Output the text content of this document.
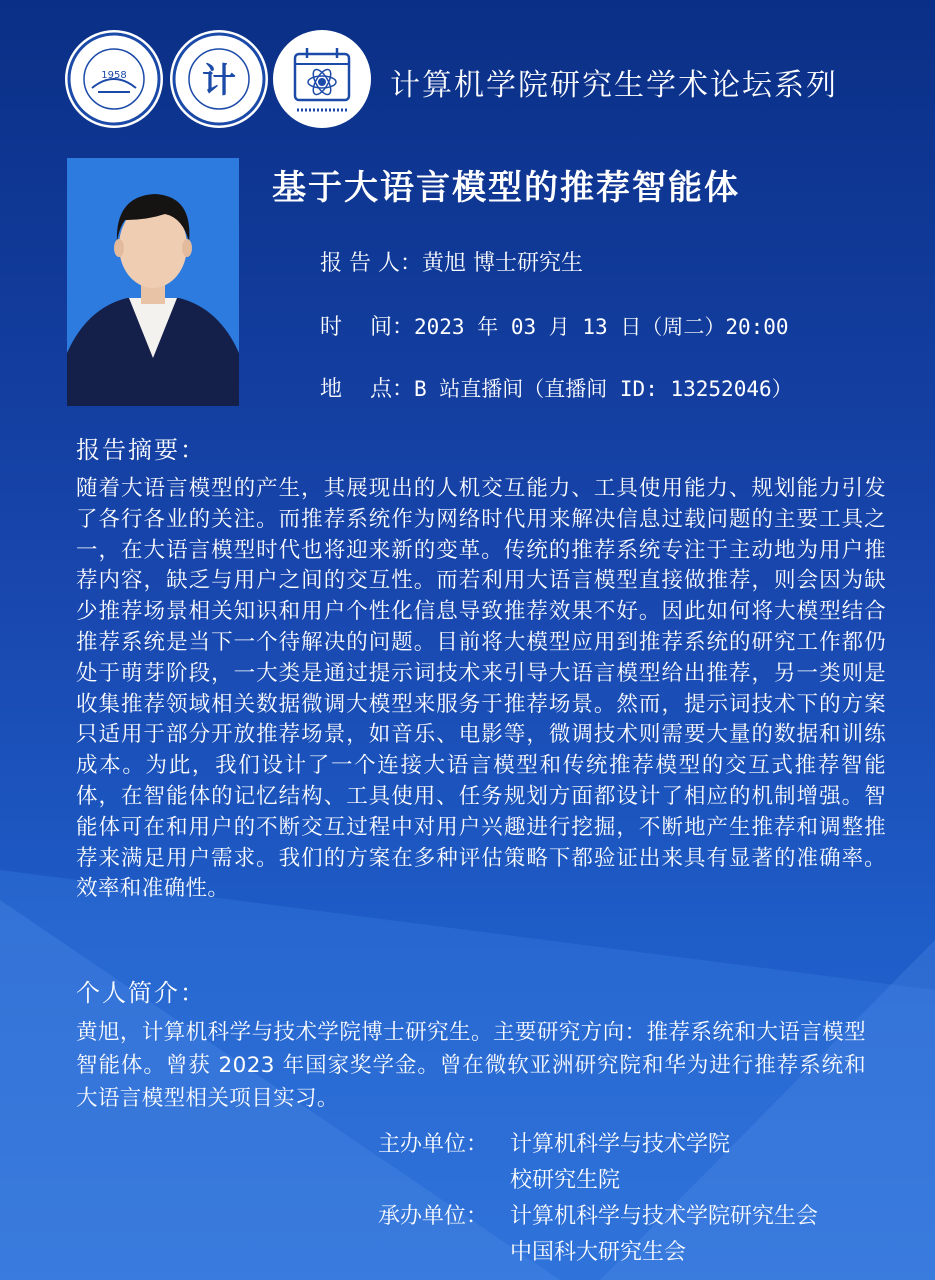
1958 计	计算机学院研究生学术论坛系列
基于大语言模型的推荐智能体
报 告 人：黄旭 博士研究生
时    间：2023 年 03 月 13 日（周二）20:00
地    点：B 站直播间（直播间 ID: 13252046）
报告摘要：
随着大语言模型的产生，其展现出的人机交互能力、工具使用能力、规划能力引发了各行各业的关注。而推荐系统作为网络时代用来解决信息过载问题的主要工具之一，在大语言模型时代也将迎来新的变革。传统的推荐系统专注于主动地为用户推荐内容，缺乏与用户之间的交互性。而若利用大语言模型直接做推荐，则会因为缺少推荐场景相关知识和用户个性化信息导致推荐效果不好。因此如何将大模型结合推荐系统是当下一个待解决的问题。目前将大模型应用到推荐系统的研究工作都仍处于萌芽阶段，一大类是通过提示词技术来引导大语言模型给出推荐，另一类则是收集推荐领域相关数据微调大模型来服务于推荐场景。然而，提示词技术下的方案只适用于部分开放推荐场景，如音乐、电影等，微调技术则需要大量的数据和训练成本。为此，我们设计了一个连接大语言模型和传统推荐模型的交互式推荐智能体，在智能体的记忆结构、工具使用、任务规划方面都设计了相应的机制增强。智能体可在和用户的不断交互过程中对用户兴趣进行挖掘，不断地产生推荐和调整推荐来满足用户需求。我们的方案在多种评估策略下都验证出来具有显著的准确率。效率和准确性。
个人简介：
黄旭，计算机科学与技术学院博士研究生。主要研究方向：推荐系统和大语言模型智能体。曾获 2023 年国家奖学金。曾在微软亚洲研究院和华为进行推荐系统和大语言模型相关项目实习。
主办单位： 计算机科学与技术学院
校研究生院
承办单位： 计算机科学与技术学院研究生会
中国科大研究生会
